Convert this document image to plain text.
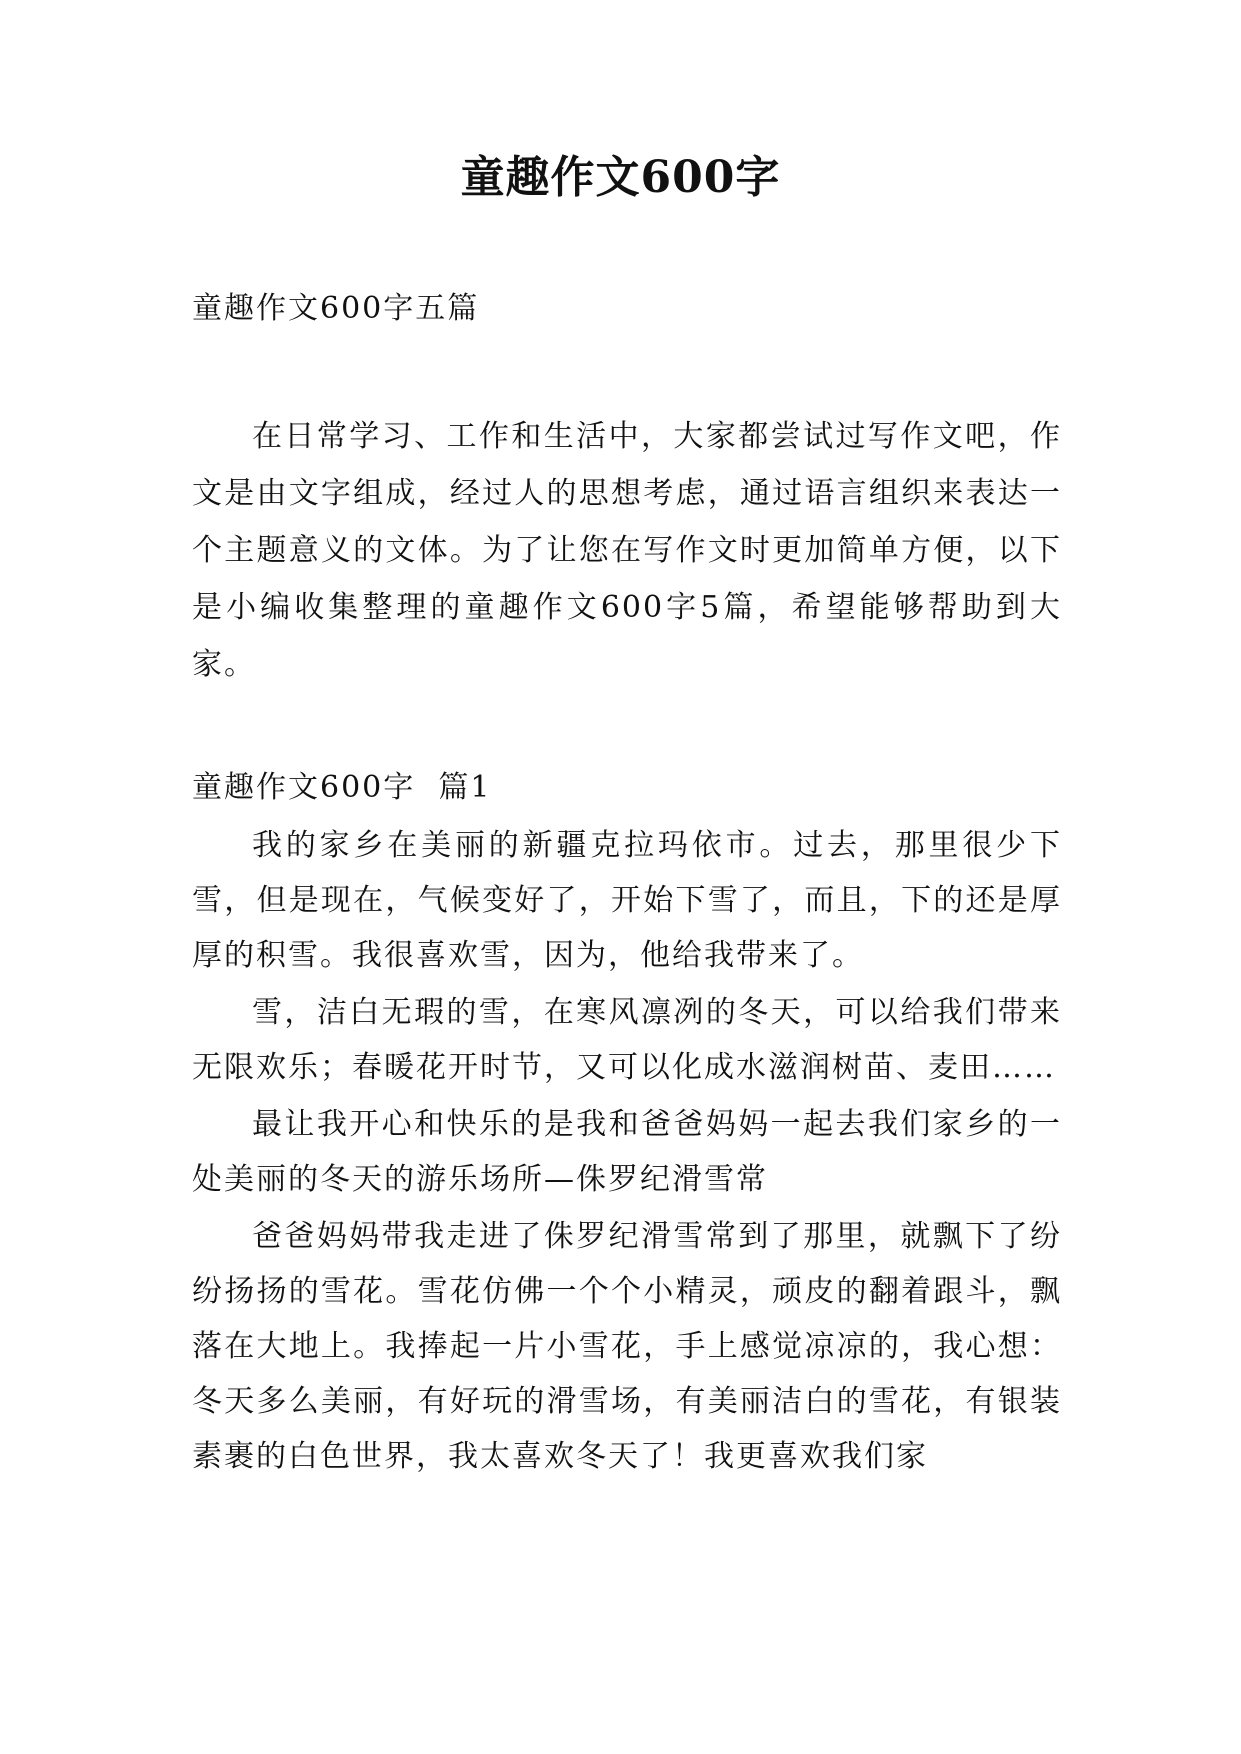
童趣作文600字
童趣作文600字五篇

在日常学习、工作和生活中，大家都尝试过写作文吧，作文是由文字组成，经过人的思想考虑，通过语言组织来表达一个主题意义的文体。为了让您在写作文时更加简单方便，以下是小编收集整理的童趣作文600字5篇，希望能够帮助到大家。

童趣作文600字  篇1

我的家乡在美丽的新疆克拉玛依市。过去，那里很少下雪，但是现在，气候变好了，开始下雪了，而且，下的还是厚厚的积雪。我很喜欢雪，因为，他给我带来了。

雪，洁白无瑕的雪，在寒风凛冽的冬天，可以给我们带来无限欢乐；春暖花开时节，又可以化成水滋润树苗、麦田……

最让我开心和快乐的是我和爸爸妈妈一起去我们家乡的一处美丽的冬天的游乐场所—侏罗纪滑雪常

爸爸妈妈带我走进了侏罗纪滑雪常到了那里，就飘下了纷纷扬扬的雪花。雪花仿佛一个个小精灵，顽皮的翻着跟斗，飘落在大地上。我捧起一片小雪花，手上感觉凉凉的，我心想：冬天多么美丽，有好玩的滑雪场，有美丽洁白的雪花，有银装素裹的白色世界，我太喜欢冬天了！我更喜欢我们家
